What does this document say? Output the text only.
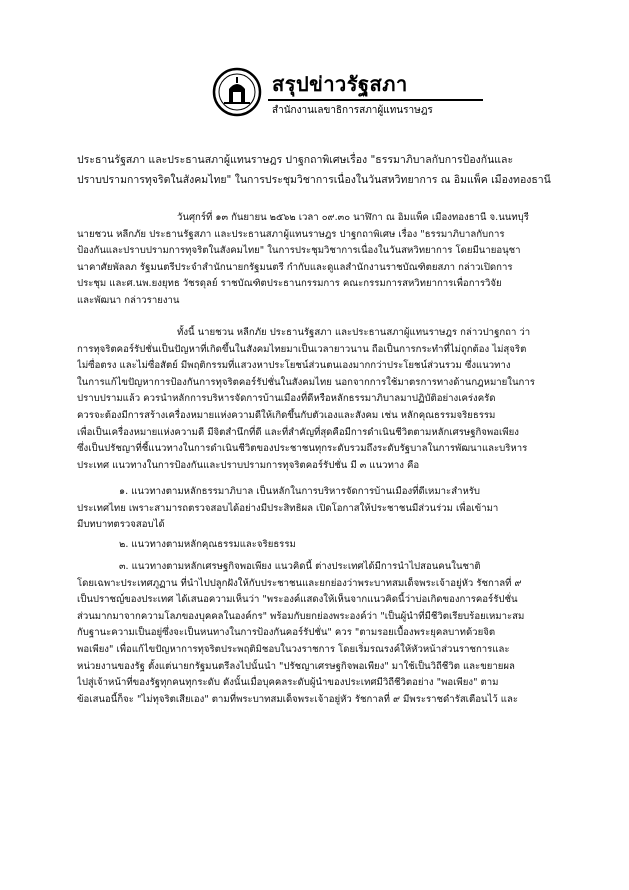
สรุปข่าวรัฐสภา
สำนักงานเลขาธิการสภาผู้แทนราษฎร
ประธานรัฐสภา และประธานสภาผู้แทนราษฎร ปาฐกถาพิเศษเรื่อง "ธรรมาภิบาลกับการป้องกันและ
ปราบปรามการทุจริตในสังคมไทย" ในการประชุมวิชาการเนื่องในวันสหวิทยาการ ณ อิมแพ็ค เมืองทองธานี
วันศุกร์ที่ ๑๓ กันยายน ๒๕๖๒ เวลา ๐๙.๓๐ นาฬิกา ณ อิมแพ็ค เมืองทองธานี จ.นนทบุรี
นายชวน หลีกภัย ประธานรัฐสภา และประธานสภาผู้แทนราษฎร ปาฐกถาพิเศษ เรื่อง "ธรรมาภิบาลกับการ
ป้องกันและปราบปรามการทุจริตในสังคมไทย" ในการประชุมวิชาการเนื่องในวันสหวิทยาการ โดยมีนายอนุชา
นาคาศัยพัลลภ รัฐมนตรีประจำสำนักนายกรัฐมนตรี กำกับและดูแลสำนักงานราชบัณฑิตยสภา กล่าวเปิดการ
ประชุม และศ.นพ.ยงยุทธ วัชรดุลย์ ราชบัณฑิตประธานกรรมการ คณะกรรมการสหวิทยาการเพื่อการวิจัย
และพัฒนา กล่าวรายงาน
ทั้งนี้ นายชวน หลีกภัย ประธานรัฐสภา และประธานสภาผู้แทนราษฎร กล่าวปาฐกถา ว่า
การทุจริตคอร์รัปชั่นเป็นปัญหาที่เกิดขึ้นในสังคมไทยมาเป็นเวลายาวนาน ถือเป็นการกระทำที่ไม่ถูกต้อง ไม่สุจริต
ไม่ซื่อตรง และไม่ซื่อสัตย์ มีพฤติกรรมที่แสวงหาประโยชน์ส่วนตนเองมากกว่าประโยชน์ส่วนรวม ซึ่งแนวทาง
ในการแก้ไขปัญหาการป้องกันการทุจริตคอร์รัปชั่นในสังคมไทย นอกจากการใช้มาตรการทางด้านกฎหมายในการ
ปราบปรามแล้ว ควรนำหลักการบริหารจัดการบ้านเมืองที่ดีหรือหลักธรรมาภิบาลมาปฏิบัติอย่างเคร่งครัด
ควรจะต้องมีการสร้างเครื่องหมายแห่งความดีให้เกิดขึ้นกับตัวเองและสังคม เช่น หลักคุณธรรมจริยธรรม
เพื่อเป็นเครื่องหมายแห่งความดี มีจิตสำนึกที่ดี และที่สำคัญที่สุดคือมีการดำเนินชีวิตตามหลักเศรษฐกิจพอเพียง
ซึ่งเป็นปรัชญาที่ชี้แนวทางในการดำเนินชีวิตของประชาชนทุกระดับรวมถึงระดับรัฐบาลในการพัฒนาและบริหาร
ประเทศ แนวทางในการป้องกันและปราบปรามการทุจริตคอร์รัปชั่น มี ๓ แนวทาง คือ
๑. แนวทางตามหลักธรรมาภิบาล เป็นหลักในการบริหารจัดการบ้านเมืองที่ดีเหมาะสำหรับ
ประเทศไทย เพราะสามารถตรวจสอบได้อย่างมีประสิทธิผล เปิดโอกาสให้ประชาชนมีส่วนร่วม เพื่อเข้ามา
มีบทบาทตรวจสอบได้
๒. แนวทางตามหลักคุณธรรมและจริยธรรม
๓. แนวทางตามหลักเศรษฐกิจพอเพียง แนวคิดนี้ ต่างประเทศได้มีการนำไปสอนคนในชาติ
โดยเฉพาะประเทศภูฏาน ที่นำไปปลูกฝังให้กับประชาชนและยกย่องว่าพระบาทสมเด็จพระเจ้าอยู่หัว รัชกาลที่ ๙
เป็นปราชญ์ของประเทศ ได้เสนอความเห็นว่า "พระองค์แสดงให้เห็นจากแนวคิดนี้ว่าบ่อเกิดของการคอร์รัปชั่น
ส่วนมากมาจากความโลภของบุคคลในองค์กร" พร้อมกับยกย่องพระองค์ว่า "เป็นผู้นำที่มีชีวิตเรียบร้อยเหมาะสม
กับฐานะความเป็นอยู่ซึ่งจะเป็นหนทางในการป้องกันคอร์รัปชั่น" ควร "ตามรอยเบื้องพระยุคลบาทด้วยจิต
พอเพียง" เพื่อแก้ไขปัญหาการทุจริตประพฤติมิชอบในวงราชการ โดยเริ่มรณรงค์ให้หัวหน้าส่วนราชการและ
หน่วยงานของรัฐ ตั้งแต่นายกรัฐมนตรีลงไปนั้นนำ "ปรัชญาเศรษฐกิจพอเพียง" มาใช้เป็นวิถีชีวิต และขยายผล
ไปสู่เจ้าหน้าที่ของรัฐทุกคนทุกระดับ ดังนั้นเมื่อบุคคลระดับผู้นำของประเทศมีวิถีชีวิตอย่าง "พอเพียง" ตาม
ข้อเสนอนี้ก็จะ "ไม่ทุจริตเสียเอง" ตามที่พระบาทสมเด็จพระเจ้าอยู่หัว รัชกาลที่ ๙ มีพระราชดำรัสเตือนไว้ และ
